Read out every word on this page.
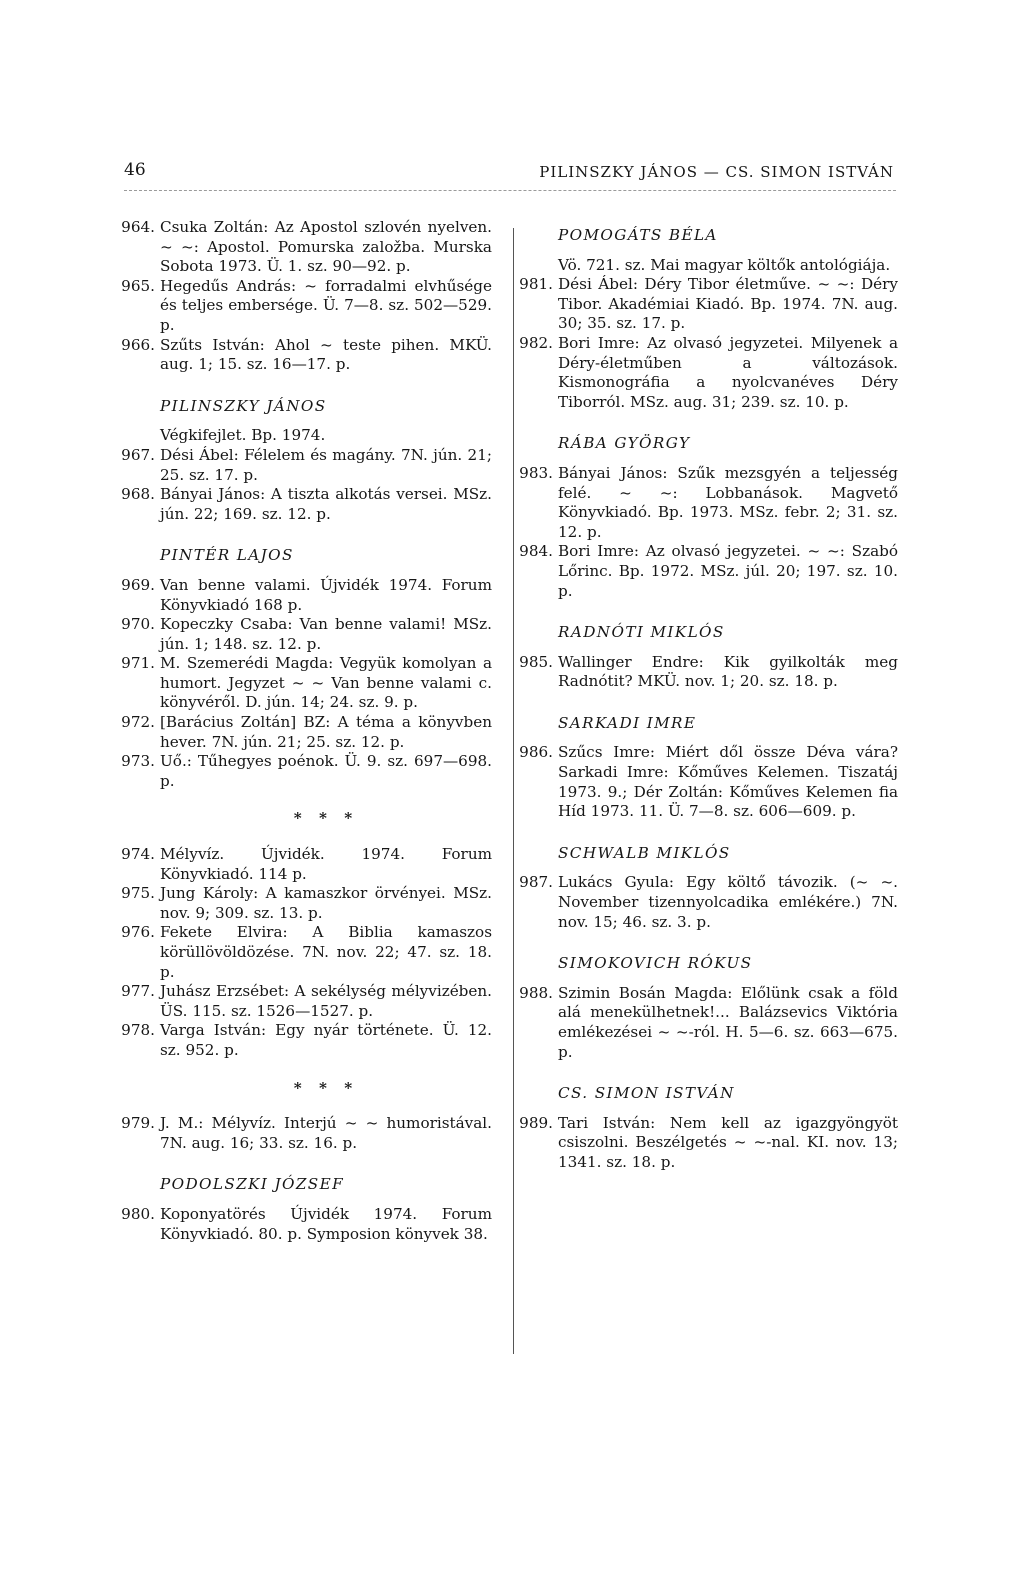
46	PILINSZKY JÁNOS — CS. SIMON ISTVÁN
964. Csuka Zoltán: Az Apostol szlovén nyelven. ~ ~: Apostol. Pomurska založba. Murska Sobota 1973. Ü. 1. sz. 90—92. p.
965. Hegedűs András: ~ forradalmi elvhűsége és teljes embersége. Ü. 7—8. sz. 502—529. p.
966. Szűts István: Ahol ~ teste pihen. MKÜ. aug. 1; 15. sz. 16—17. p.
PILINSZKY JÁNOS
Végkifejlet. Bp. 1974.
967. Dési Ábel: Félelem és magány. 7N. jún. 21; 25. sz. 17. p.
968. Bányai János: A tiszta alkotás versei. MSz. jún. 22; 169. sz. 12. p.
PINTÉR LAJOS
969. Van benne valami. Újvidék 1974. Forum Könyvkiadó 168 p.
970. Kopeczky Csaba: Van benne valami! MSz. jún. 1; 148. sz. 12. p.
971. M. Szemerédi Magda: Vegyük komolyan a humort. Jegyzet ~ ~ Van benne valami c. könyvéről. D. jún. 14; 24. sz. 9. p.
972. [Barácius Zoltán] BZ: A téma a könyvben hever. 7N. jún. 21; 25. sz. 12. p.
973. Uő.: Tűhegyes poénok. Ü. 9. sz. 697—698. p.
* * *
974. Mélyvíz. Újvidék. 1974. Forum Könyvkiadó. 114 p.
975. Jung Károly: A kamaszkor örvényei. MSz. nov. 9; 309. sz. 13. p.
976. Fekete Elvira: A Biblia kamaszos körüllövöldözése. 7N. nov. 22; 47. sz. 18. p.
977. Juhász Erzsébet: A sekélység mélyvizében. ÜS. 115. sz. 1526—1527. p.
978. Varga István: Egy nyár története. Ü. 12. sz. 952. p.
* * *
979. J. M.: Mélyvíz. Interjú ~ ~ humoristával. 7N. aug. 16; 33. sz. 16. p.
PODOLSZKI JÓZSEF
980. Koponyatörés Újvidék 1974. Forum Könyvkiadó. 80. p. Symposion könyvek 38.
POMOGÁTS BÉLA
Vö. 721. sz. Mai magyar költők antológiája.
981. Dési Ábel: Déry Tibor életműve. ~ ~: Déry Tibor. Akadémiai Kiadó. Bp. 1974. 7N. aug. 30; 35. sz. 17. p.
982. Bori Imre: Az olvasó jegyzetei. Milyenek a Déry-életműben a változások. Kismonográfia a nyolcvanéves Déry Tiborról. MSz. aug. 31; 239. sz. 10. p.
RÁBA GYÖRGY
983. Bányai János: Szűk mezsgyén a teljesség felé. ~ ~: Lobbanások. Magvető Könyvkiadó. Bp. 1973. MSz. febr. 2; 31. sz. 12. p.
984. Bori Imre: Az olvasó jegyzetei. ~ ~: Szabó Lőrinc. Bp. 1972. MSz. júl. 20; 197. sz. 10. p.
RADNÓTI MIKLÓS
985. Wallinger Endre: Kik gyilkolták meg Radnótit? MKÜ. nov. 1; 20. sz. 18. p.
SARKADI IMRE
986. Szűcs Imre: Miért dől össze Déva vára? Sarkadi Imre: Kőműves Kelemen. Tiszatáj 1973. 9.; Dér Zoltán: Kőműves Kelemen fia Híd 1973. 11. Ü. 7—8. sz. 606—609. p.
SCHWALB MIKLÓS
987. Lukács Gyula: Egy költő távozik. (~ ~. November tizennyolcadika emlékére.) 7N. nov. 15; 46. sz. 3. p.
SIMOKOVICH RÓKUS
988. Szimin Bosán Magda: Előlünk csak a föld alá menekülhetnek!... Balázsevics Viktória emlékezései ~ ~-ról. H. 5—6. sz. 663—675. p.
CS. SIMON ISTVÁN
989. Tari István: Nem kell az igazgyöngyöt csiszolni. Beszélgetés ~ ~-nal. KI. nov. 13; 1341. sz. 18. p.
